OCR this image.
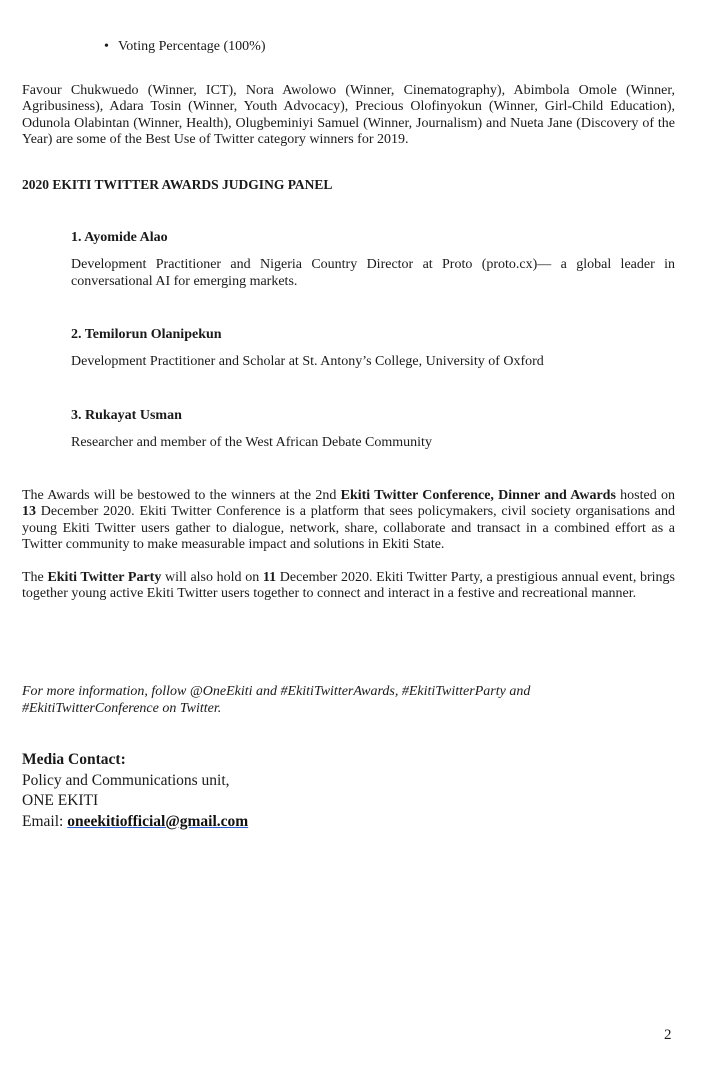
• Voting Percentage (100%)

Favour Chukwuedo (Winner, ICT), Nora Awolowo (Winner, Cinematography), Abimbola Omole (Winner, Agribusiness), Adara Tosin (Winner, Youth Advocacy), Precious Olofinyokun (Winner, Girl-Child Education), Odunola Olabintan (Winner, Health), Olugbeminiyi Samuel (Winner, Journalism) and Nueta Jane (Discovery of the Year) are some of the Best Use of Twitter category winners for 2019.

2020 EKITI TWITTER AWARDS JUDGING PANEL

1. Ayomide Alao

Development Practitioner and Nigeria Country Director at Proto (proto.cx)— a global leader in conversational AI for emerging markets.

2. Temilorun Olanipekun

Development Practitioner and Scholar at St. Antony’s College, University of Oxford

3. Rukayat Usman

Researcher and member of the West African Debate Community

The Awards will be bestowed to the winners at the 2nd Ekiti Twitter Conference, Dinner and Awards hosted on 13 December 2020. Ekiti Twitter Conference is a platform that sees policymakers, civil society organisations and young Ekiti Twitter users gather to dialogue, network, share, collaborate and transact in a combined effort as a Twitter community to make measurable impact and solutions in Ekiti State.

The Ekiti Twitter Party will also hold on 11 December 2020. Ekiti Twitter Party, a prestigious annual event, brings together young active Ekiti Twitter users together to connect and interact in a festive and recreational manner.

For more information, follow @OneEkiti and #EkitiTwitterAwards, #EkitiTwitterParty and #EkitiTwitterConference on Twitter.

Media Contact:
Policy and Communications unit,
ONE EKITI
Email: oneekitiofficial@gmail.com
2
